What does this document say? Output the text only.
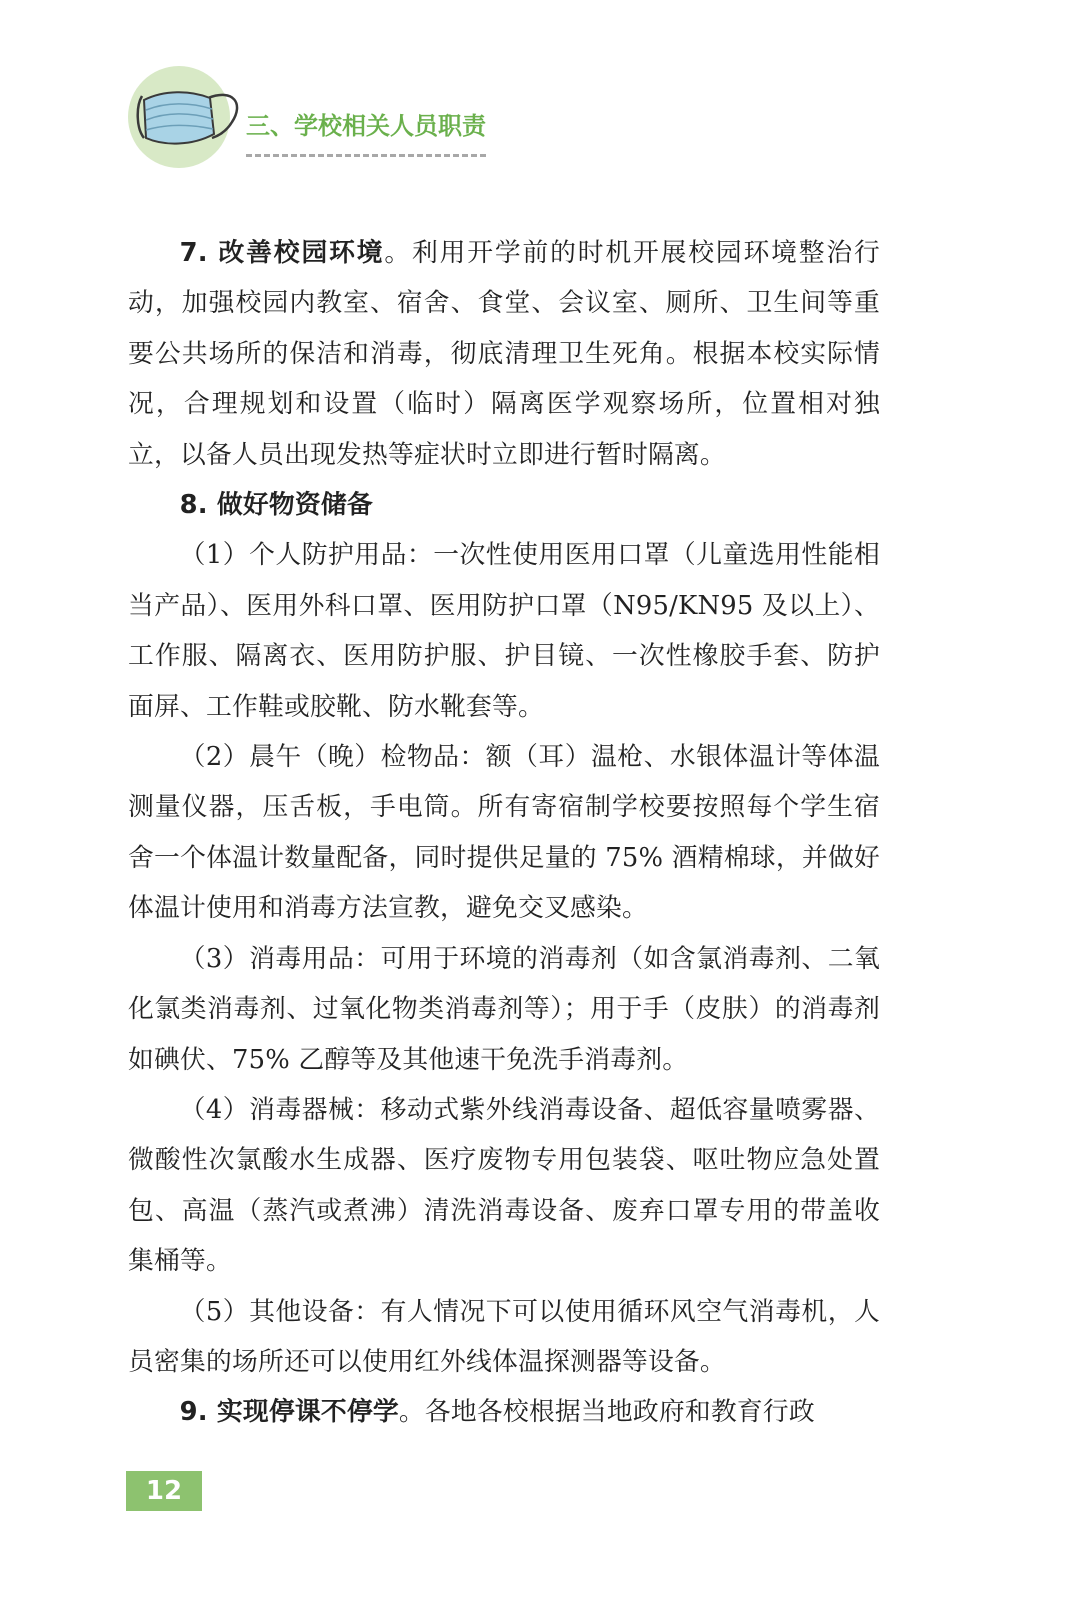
三、学校相关人员职责

7. 改善校园环境。利用开学前的时机开展校园环境整治行动，加强校园内教室、宿舍、食堂、会议室、厕所、卫生间等重要公共场所的保洁和消毒，彻底清理卫生死角。根据本校实际情况，合理规划和设置（临时）隔离医学观察场所，位置相对独立，以备人员出现发热等症状时立即进行暂时隔离。

8. 做好物资储备

（1）个人防护用品：一次性使用医用口罩（儿童选用性能相当产品）、医用外科口罩、医用防护口罩（N95/KN95 及以上）、工作服、隔离衣、医用防护服、护目镜、一次性橡胶手套、防护面屏、工作鞋或胶靴、防水靴套等。

（2）晨午（晚）检物品：额（耳）温枪、水银体温计等体温测量仪器，压舌板，手电筒。所有寄宿制学校要按照每个学生宿舍一个体温计数量配备，同时提供足量的 75% 酒精棉球，并做好体温计使用和消毒方法宣教，避免交叉感染。

（3）消毒用品：可用于环境的消毒剂（如含氯消毒剂、二氧化氯类消毒剂、过氧化物类消毒剂等）；用于手（皮肤）的消毒剂如碘伏、75% 乙醇等及其他速干免洗手消毒剂。

（4）消毒器械：移动式紫外线消毒设备、超低容量喷雾器、微酸性次氯酸水生成器、医疗废物专用包装袋、呕吐物应急处置包、高温（蒸汽或煮沸）清洗消毒设备、废弃口罩专用的带盖收集桶等。

（5）其他设备：有人情况下可以使用循环风空气消毒机，人员密集的场所还可以使用红外线体温探测器等设备。

9. 实现停课不停学。各地各校根据当地政府和教育行政

12
